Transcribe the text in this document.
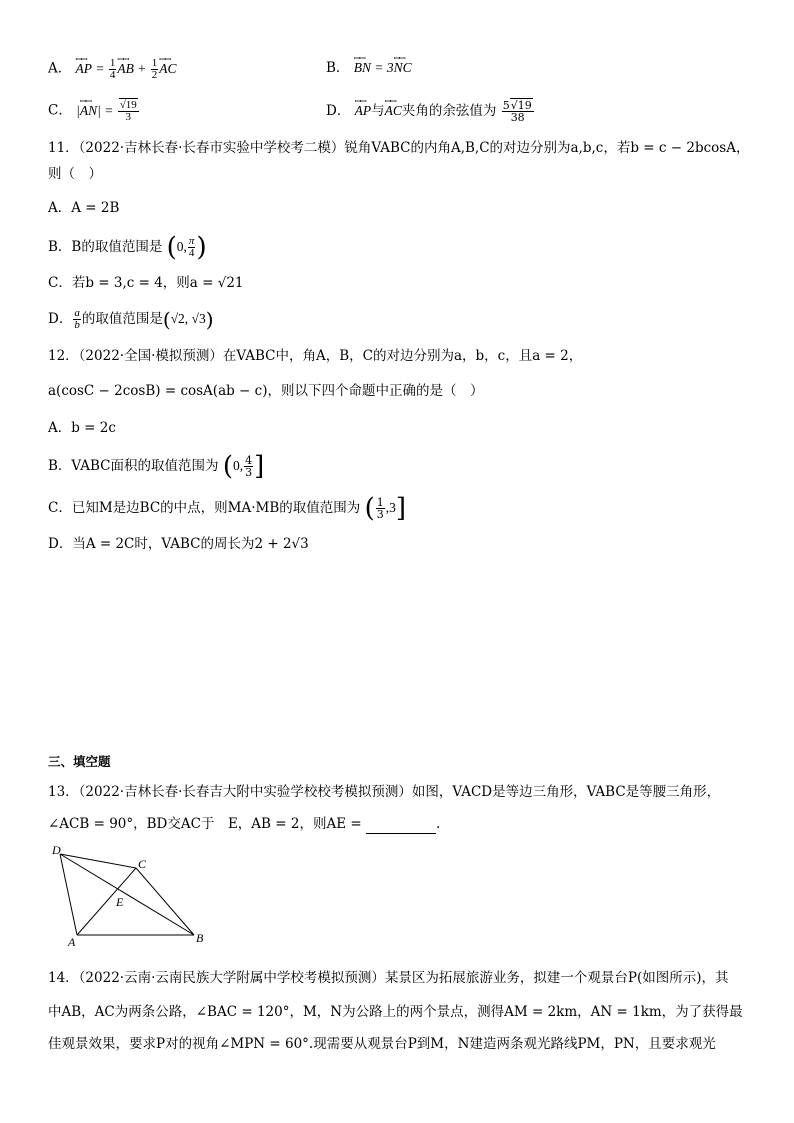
A． ꟷꟷ AP = $\frac{1}{4}$ ꟷꟷ AB + $\frac{1}{2}$ ꟷꟷ AC	B． ꟷꟷ BN = 3ꟷꟷ NC
C． |ꟷꟷ $AN| = \frac{√19}{3}$	D． ꟷꟷ AP与ꟷꟷ AC夹角的余弦值为 $\frac{5√19}{38}$
11．（2022·吉林长春·长春市实验中学校考二模）锐角VABC的内角A,B,C的对边分别为a,b,c，若b = c − 2bcosA，
则（　）
A．A = 2B
B．B的取值范围是 (0, $\frac{\pi}{4}$ )
C．若b = 3,c = 4，则a = √21
D． $\frac{a}{b}$ 的取值范围是(√2, √3)
12．（2022·全国·模拟预测）在VABC中，角A，B，C的对边分别为a，b，c，且a = 2，
a(cosC − 2cosB) = cosA(ab − c)，则以下四个命题中正确的是（　）
A．b = 2c
B．VABC面积的取值范围为 (0, $\frac{4}{3}$ ]
C．已知M是边BC的中点，则MA·MB的取值范围为 ( $\frac{1}{3} ,3$]
D．当A = 2C时，VABC的周长为2 + 2√3
三、填空题
13．（2022·吉林长春·长春吉大附中实验学校校考模拟预测）如图，VACD是等边三角形，VABC是等腰三角形，
∠ACB = 90°，BD交AC于　E，AB = 2，则AE =	.
D
C
E
A	B
14．（2022·云南·云南民族大学附属中学校考模拟预测）某景区为拓展旅游业务，拟建一个观景台P(如图所示)，其
中AB，AC为两条公路，∠BAC = 120°，M，N为公路上的两个景点，测得AM = 2km，AN = 1km，为了获得最
佳观景效果，要求P对的视角∠MPN = 60°.现需要从观景台P到M，N建造两条观光路线PM，PN，且要求观光
